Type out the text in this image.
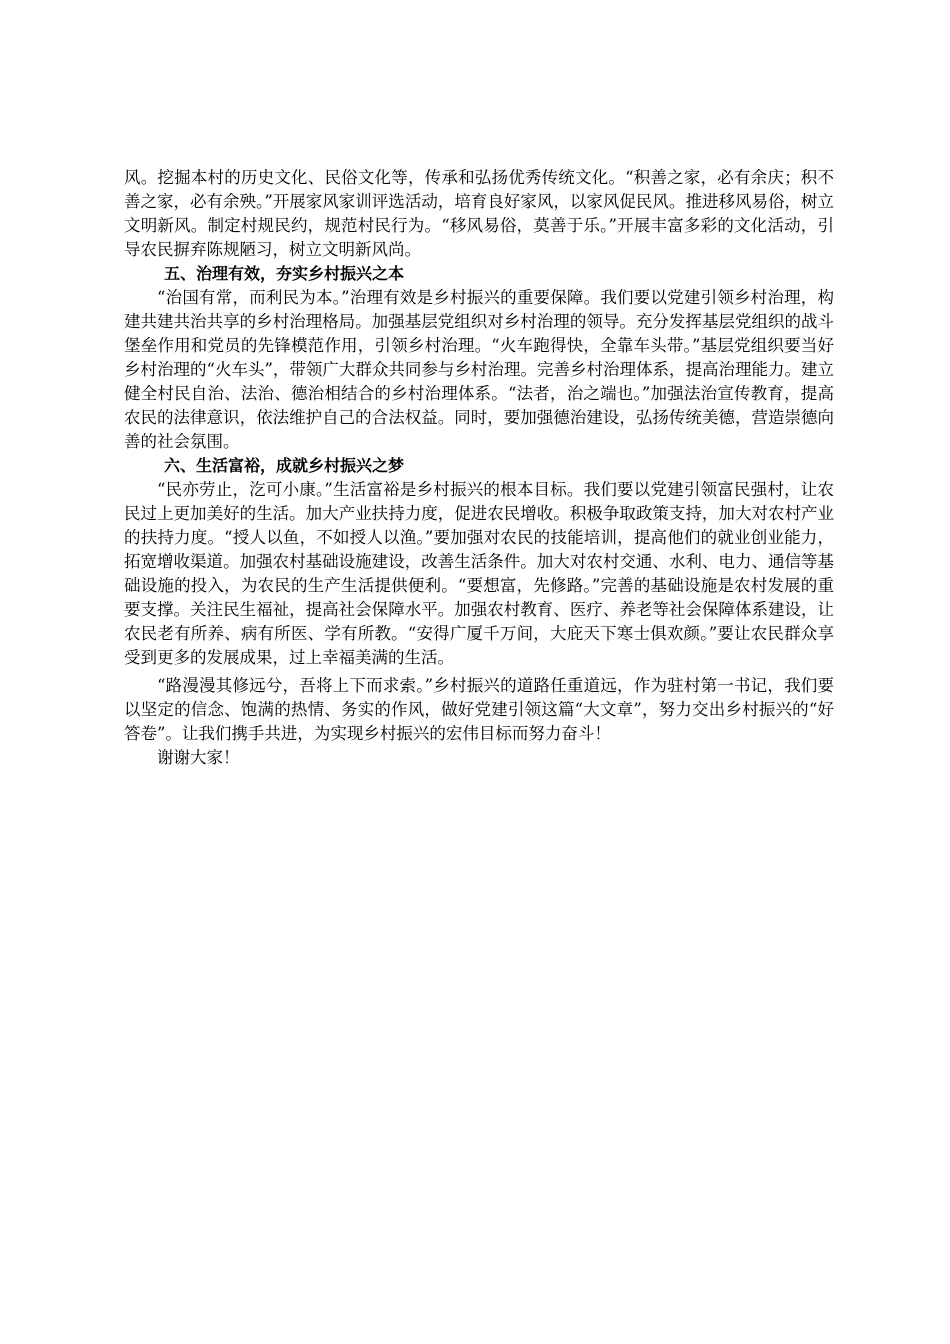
风。挖掘本村的历史文化、民俗文化等，传承和弘扬优秀传统文化。“积善之家，必有余庆；积不善之家，必有余殃。”开展家风家训评选活动，培育良好家风，以家风促民风。推进移风易俗，树立文明新风。制定村规民约，规范村民行为。“移风易俗，莫善于乐。”开展丰富多彩的文化活动，引导农民摒弃陈规陋习，树立文明新风尚。

五、治理有效，夯实乡村振兴之本

“治国有常，而利民为本。”治理有效是乡村振兴的重要保障。我们要以党建引领乡村治理，构建共建共治共享的乡村治理格局。加强基层党组织对乡村治理的领导。充分发挥基层党组织的战斗堡垒作用和党员的先锋模范作用，引领乡村治理。“火车跑得快，全靠车头带。”基层党组织要当好乡村治理的“火车头”，带领广大群众共同参与乡村治理。完善乡村治理体系，提高治理能力。建立健全村民自治、法治、德治相结合的乡村治理体系。“法者，治之端也。”加强法治宣传教育，提高农民的法律意识，依法维护自己的合法权益。同时，要加强德治建设，弘扬传统美德，营造崇德向善的社会氛围。

六、生活富裕，成就乡村振兴之梦

“民亦劳止，汔可小康。”生活富裕是乡村振兴的根本目标。我们要以党建引领富民强村，让农民过上更加美好的生活。加大产业扶持力度，促进农民增收。积极争取政策支持，加大对农村产业的扶持力度。“授人以鱼，不如授人以渔。”要加强对农民的技能培训，提高他们的就业创业能力，拓宽增收渠道。加强农村基础设施建设，改善生活条件。加大对农村交通、水利、电力、通信等基础设施的投入，为农民的生产生活提供便利。“要想富，先修路。”完善的基础设施是农村发展的重要支撑。关注民生福祉，提高社会保障水平。加强农村教育、医疗、养老等社会保障体系建设，让农民老有所养、病有所医、学有所教。“安得广厦千万间，大庇天下寒士俱欢颜。”要让农民群众享受到更多的发展成果，过上幸福美满的生活。

“路漫漫其修远兮，吾将上下而求索。”乡村振兴的道路任重道远，作为驻村第一书记，我们要以坚定的信念、饱满的热情、务实的作风，做好党建引领这篇“大文章”，努力交出乡村振兴的“好答卷”。让我们携手共进，为实现乡村振兴的宏伟目标而努力奋斗！

谢谢大家！
